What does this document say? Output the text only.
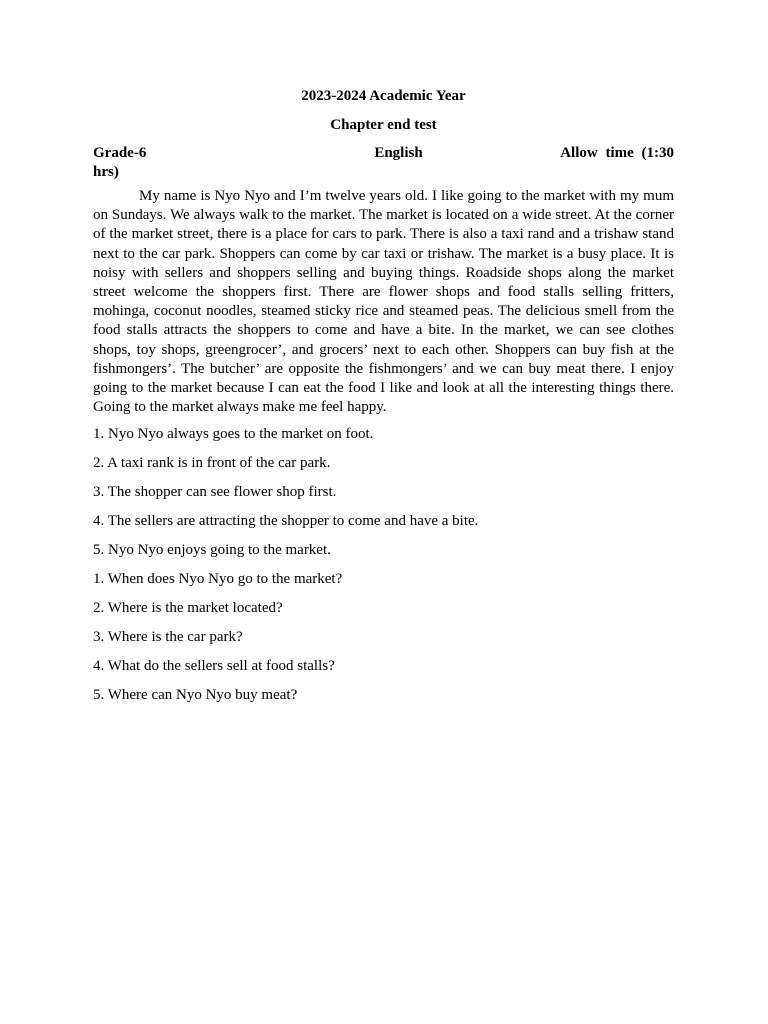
2023-2024 Academic Year
Chapter end test
Grade-6	English	Allow time (1:30
hrs)

My name is Nyo Nyo and I’m twelve years old. I like going to the market with my mum on Sundays. We always walk to the market. The market is located on a wide street. At the corner of the market street, there is a place for cars to park. There is also a taxi rand and a trishaw stand next to the car park. Shoppers can come by car taxi or trishaw. The market is a busy place. It is noisy with sellers and shoppers selling and buying things. Roadside shops along the market street welcome the shoppers first. There are flower shops and food stalls selling fritters, mohinga, coconut noodles, steamed sticky rice and steamed peas. The delicious smell from the food stalls attracts the shoppers to come and have a bite. In the market, we can see clothes shops, toy shops, greengrocer’, and grocers’ next to each other. Shoppers can buy fish at the fishmongers’. The butcher’ are opposite the fishmongers’ and we can buy meat there. I enjoy going to the market because I can eat the food I like and look at all the interesting things there. Going to the market always make me feel happy.

1. Nyo Nyo always goes to the market on foot.
2. A taxi rank is in front of the car park.
3. The shopper can see flower shop first.
4. The sellers are attracting the shopper to come and have a bite.
5. Nyo Nyo enjoys going to the market.
1. When does Nyo Nyo go to the market?
2. Where is the market located?
3. Where is the car park?
4. What do the sellers sell at food stalls?
5. Where can Nyo Nyo buy meat?
